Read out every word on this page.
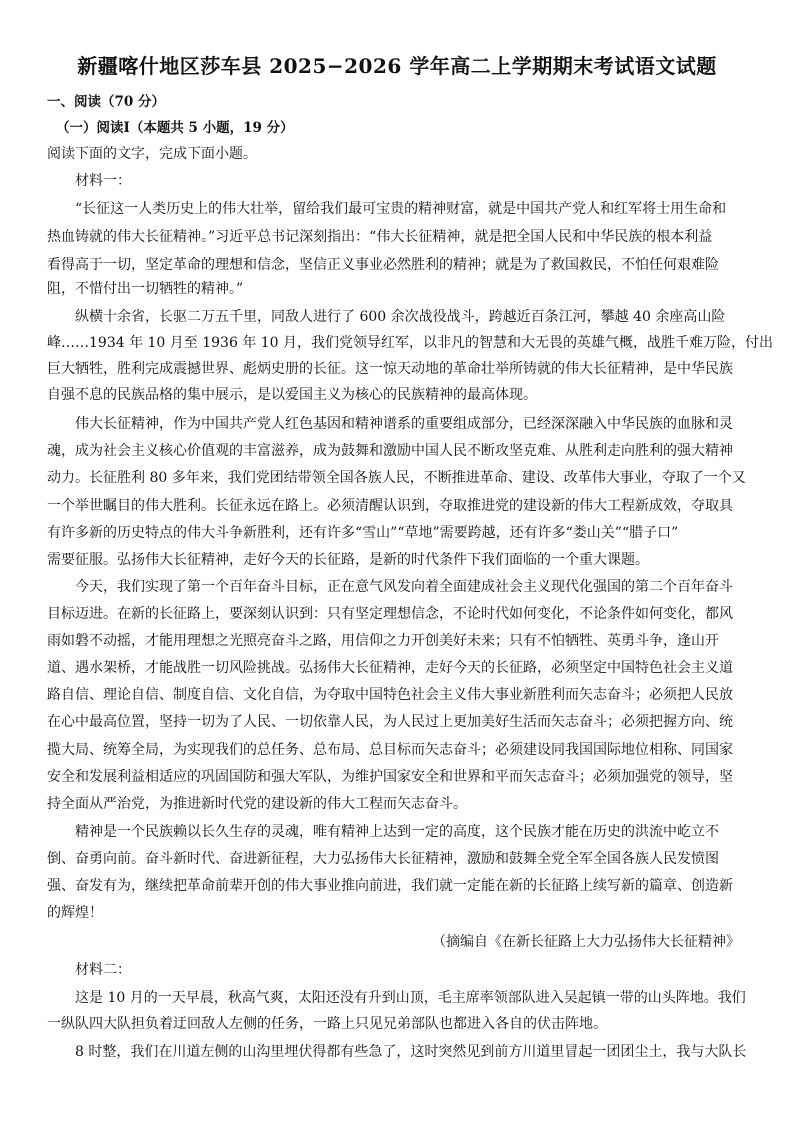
新疆喀什地区莎车县 2025−2026 学年高二上学期期末考试语文试题
一、阅读（70 分）
（一）阅读Ⅰ（本题共 5 小题，19 分）
阅读下面的文字，完成下面小题。
材料一：
“长征这一人类历史上的伟大壮举，留给我们最可宝贵的精神财富，就是中国共产党人和红军将士用生命和
热血铸就的伟大长征精神。”习近平总书记深刻指出：“伟大长征精神，就是把全国人民和中华民族的根本利益
看得高于一切，坚定革命的理想和信念，坚信正义事业必然胜利的精神；就是为了救国救民，不怕任何艰难险
阻，不惜付出一切牺牲的精神。”
纵横十余省，长驱二万五千里，同敌人进行了 600 余次战役战斗，跨越近百条江河，攀越 40 余座高山险
峰……1934 年 10 月至 1936 年 10 月，我们党领导红军，以非凡的智慧和大无畏的英雄气概，战胜千难万险，付出
巨大牺牲，胜利完成震撼世界、彪炳史册的长征。这一惊天动地的革命壮举所铸就的伟大长征精神，是中华民族
自强不息的民族品格的集中展示，是以爱国主义为核心的民族精神的最高体现。
伟大长征精神，作为中国共产党人红色基因和精神谱系的重要组成部分，已经深深融入中华民族的血脉和灵
魂，成为社会主义核心价值观的丰富滋养，成为鼓舞和激励中国人民不断攻坚克难、从胜利走向胜利的强大精神
动力。长征胜利 80 多年来，我们党团结带领全国各族人民，不断推进革命、建设、改革伟大事业，夺取了一个又
一个举世瞩目的伟大胜利。长征永远在路上。必须清醒认识到，夺取推进党的建设新的伟大工程新成效，夺取具
有许多新的历史特点的伟大斗争新胜利，还有许多“雪山”“草地”需要跨越，还有许多“娄山关”“腊子口”
需要征服。弘扬伟大长征精神，走好今天的长征路，是新的时代条件下我们面临的一个重大课题。
今天，我们实现了第一个百年奋斗目标，正在意气风发向着全面建成社会主义现代化强国的第二个百年奋斗
目标迈进。在新的长征路上，要深刻认识到：只有坚定理想信念，不论时代如何变化，不论条件如何变化，都风
雨如磐不动摇，才能用理想之光照亮奋斗之路，用信仰之力开创美好未来；只有不怕牺牲、英勇斗争，逢山开
道、遇水架桥，才能战胜一切风险挑战。弘扬伟大长征精神，走好今天的长征路，必须坚定中国特色社会主义道
路自信、理论自信、制度自信、文化自信，为夺取中国特色社会主义伟大事业新胜利而矢志奋斗；必须把人民放
在心中最高位置，坚持一切为了人民、一切依靠人民，为人民过上更加美好生活而矢志奋斗；必须把握方向、统
揽大局、统筹全局，为实现我们的总任务、总布局、总目标而矢志奋斗；必须建设同我国国际地位相称、同国家
安全和发展利益相适应的巩固国防和强大军队，为维护国家安全和世界和平而矢志奋斗；必须加强党的领导，坚
持全面从严治党，为推进新时代党的建设新的伟大工程而矢志奋斗。
精神是一个民族赖以长久生存的灵魂，唯有精神上达到一定的高度，这个民族才能在历史的洪流中屹立不
倒、奋勇向前。奋斗新时代、奋进新征程，大力弘扬伟大长征精神，激励和鼓舞全党全军全国各族人民发愤图
强、奋发有为，继续把革命前辈开创的伟大事业推向前进，我们就一定能在新的长征路上续写新的篇章、创造新
的辉煌！
（摘编自《在新长征路上大力弘扬伟大长征精神》
材料二：
这是 10 月的一天早晨，秋高气爽，太阳还没有升到山顶，毛主席率领部队进入吴起镇一带的山头阵地。我们
一纵队四大队担负着迂回敌人左侧的任务，一路上只见兄弟部队也都进入各自的伏击阵地。
8 时整，我们在川道左侧的山沟里埋伏得都有些急了，这时突然见到前方川道里冒起一团团尘土，我与大队长
